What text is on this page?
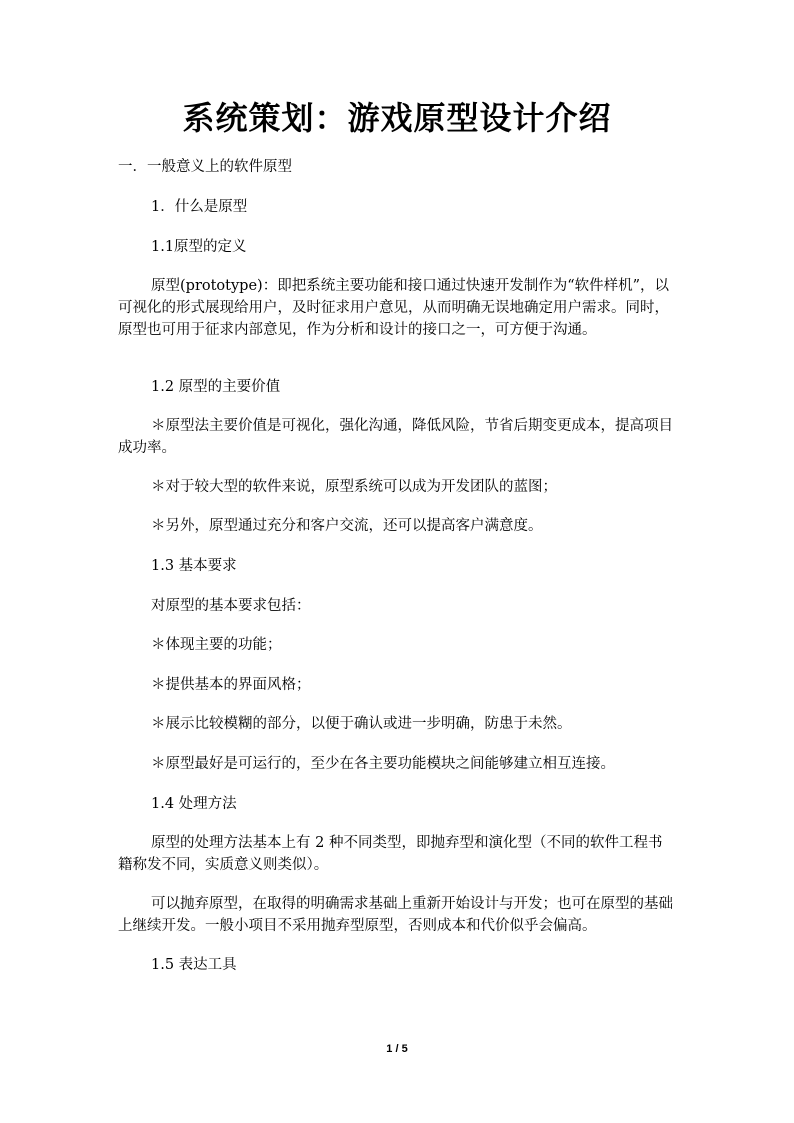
系统策划：游戏原型设计介绍

一．一般意义上的软件原型

1．什么是原型

1.1原型的定义

原型(prototype)：即把系统主要功能和接口通过快速开发制作为“软件样机”，以可视化的形式展现给用户，及时征求用户意见，从而明确无误地确定用户需求。同时，原型也可用于征求内部意见，作为分析和设计的接口之一，可方便于沟通。

1.2 原型的主要价值

＊原型法主要价值是可视化，强化沟通，降低风险，节省后期变更成本，提高项目成功率。

＊对于较大型的软件来说，原型系统可以成为开发团队的蓝图；

＊另外，原型通过充分和客户交流，还可以提高客户满意度。

1.3 基本要求

对原型的基本要求包括：

＊体现主要的功能；

＊提供基本的界面风格；

＊展示比较模糊的部分，以便于确认或进一步明确，防患于未然。

＊原型最好是可运行的，至少在各主要功能模块之间能够建立相互连接。

1.4 处理方法

原型的处理方法基本上有 2 种不同类型，即抛弃型和演化型（不同的软件工程书籍称发不同，实质意义则类似）。

可以抛弃原型，在取得的明确需求基础上重新开始设计与开发；也可在原型的基础上继续开发。一般小项目不采用抛弃型原型，否则成本和代价似乎会偏高。

1.5 表达工具

1 / 5
